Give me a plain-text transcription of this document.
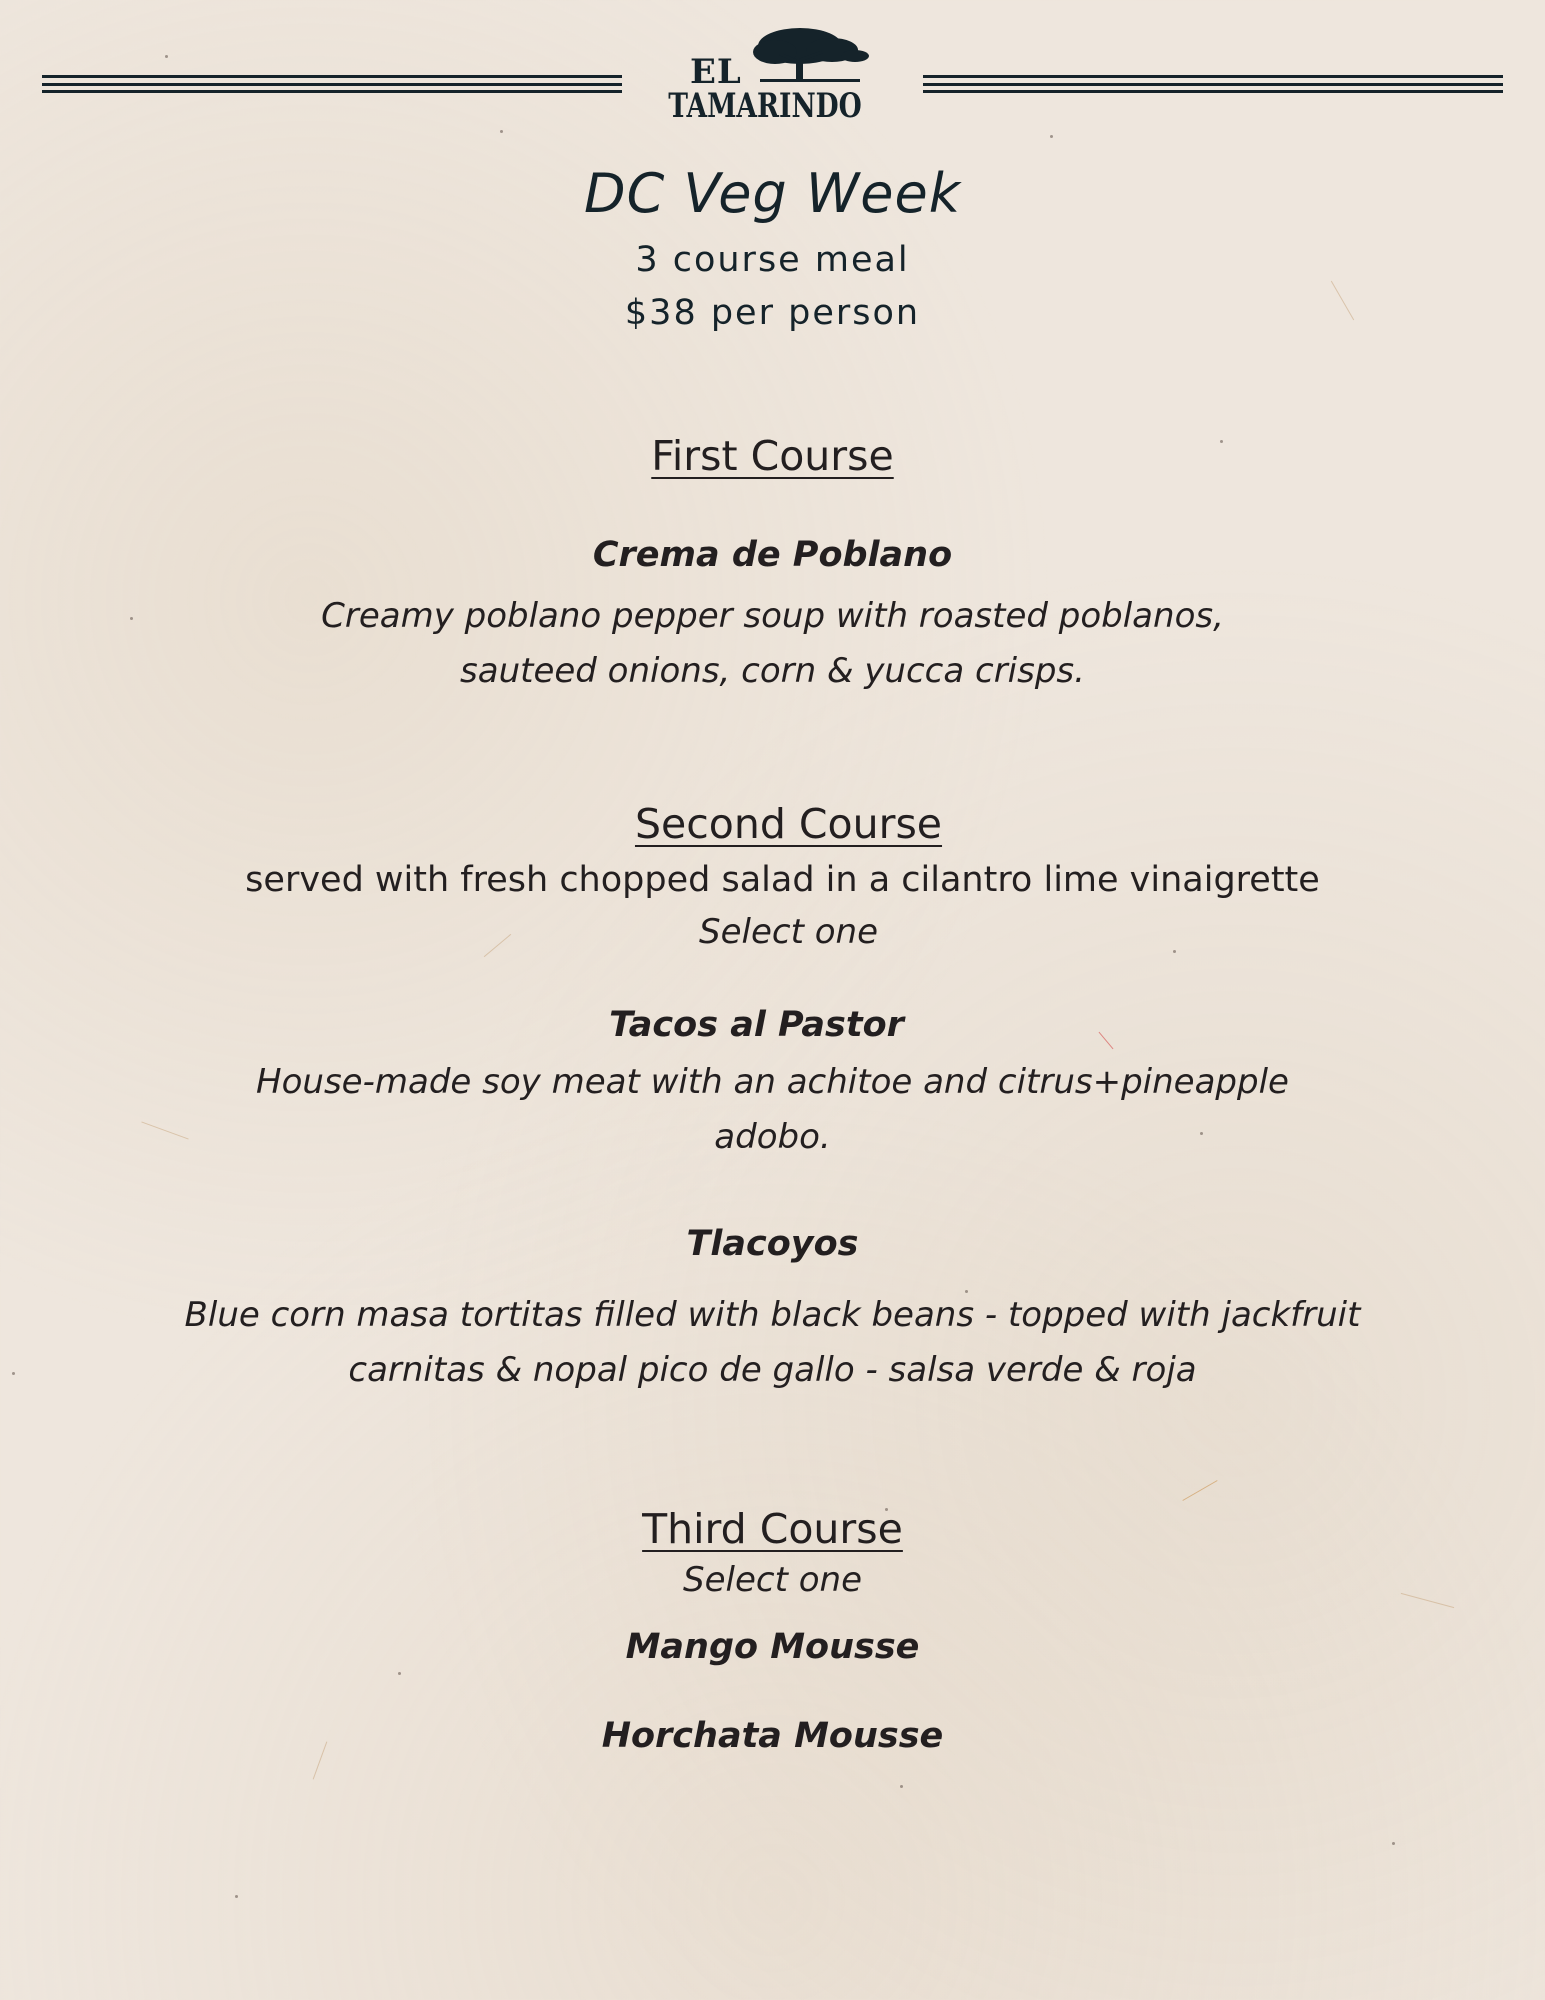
EL
TAMARINDO
DC Veg Week
3 course meal
$38 per person
First Course
Crema de Poblano
Creamy poblano pepper soup with roasted poblanos,
sauteed onions, corn & yucca crisps.
Second Course
served with fresh chopped salad in a cilantro lime vinaigrette
Select one
Tacos al Pastor
House-made soy meat with an achitoe and citrus+pineapple
adobo.
Tlacoyos
Blue corn masa tortitas filled with black beans - topped with jackfruit
carnitas & nopal pico de gallo - salsa verde & roja
Third Course
Select one
Mango Mousse
Horchata Mousse
